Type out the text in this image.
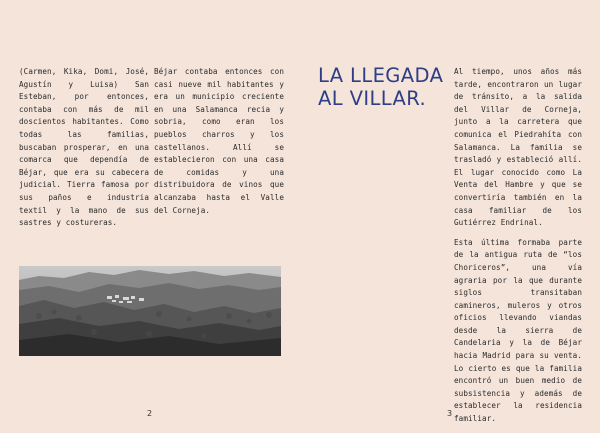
(Carmen, Kika, Domi, José, Agustín y Luisa) San Esteban, por entonces, contaba con más de mil doscientos habitantes. Como todas las familias, buscaban prosperar, en una comarca que dependía de Béjar, que era su cabecera judicial. Tierra famosa por sus paños e industria textil y la mano de sus sastres y costureras.
Béjar contaba entonces con casi nueve mil habitantes y era un municipio creciente en una Salamanca recia y sobria, como eran los pueblos charros y los castellanos. Allí se establecieron con una casa de comidas y una distribuidora de vinos que alcanzaba hasta el Valle del Corneja.
2
LA LLEGADA
AL VILLAR.

Al tiempo, unos años más tarde, encontraron un lugar de tránsito, a la salida del Villar de Corneja, junto a la carretera que comunica el Piedrahíta con Salamanca. La familia se trasladó y estableció allí. El lugar conocido como La Venta del Hambre y que se convertiría también en la casa familiar de los Gutiérrez Endrinal.

Esta última formaba parte de la antigua ruta de “los Choriceros”, una vía agraria por la que durante siglos transitaban camineros, muleros y otros oficios llevando viandas desde la sierra de Candelaria y la de Béjar hacia Madrid para su venta. Lo cierto es que la familia encontró un buen medio de subsistencia y además de establecer la residencia familiar.

3
